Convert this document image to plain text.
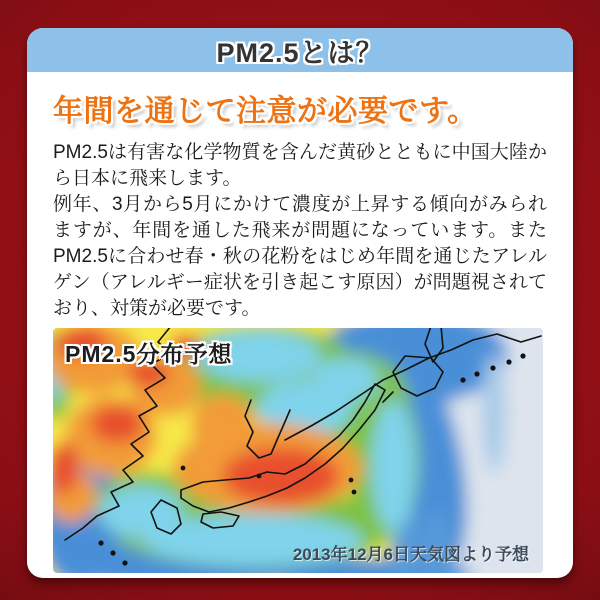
PM2.5とは？
年間を通じて注意が必要です。

PM2.5は有害な化学物質を含んだ黄砂とともに中国大陸から日本に飛来します。

例年、3月から5月にかけて濃度が上昇する傾向がみられますが、年間を通した飛来が問題になっています。またPM2.5に合わせ春・秋の花粉をはじめ年間を通じたアレルゲン（アレルギー症状を引き起こす原因）が問題視されており、対策が必要です。

PM2.5分布予想
2013年12月6日天気図より予想
